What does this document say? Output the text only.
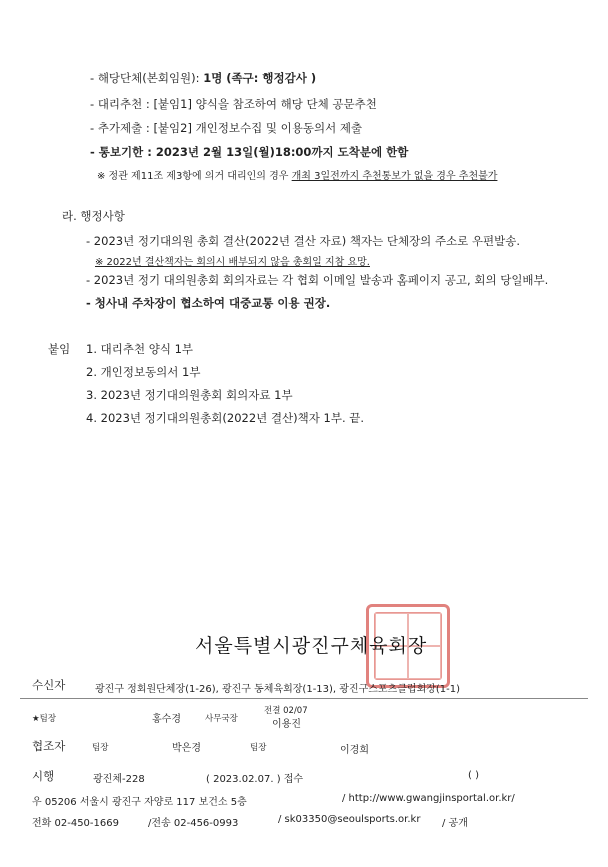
- 해당단체(본회임원): 1명 (족구: 행정감사 )
- 대리추천 : [붙임1] 양식을 참조하여 해당 단체 공문추천
- 추가제출 : [붙임2] 개인정보수집 및 이용동의서 제출
- 통보기한 : 2023년 2월 13일(월)18:00까지 도착분에 한함
※ 정관 제11조 제3항에 의거 대리인의 경우 개최 3일전까지 추천통보가 없을 경우 추천불가
라. 행정사항
- 2023년 정기대의원 총회 결산(2022년 결산 자료) 책자는 단체장의 주소로 우편발송.
※ 2022년 결산책자는 회의시 배부되지 않음 총회일 지참 요망.
- 2023년 정기 대의원총회 회의자료는 각 협회 이메일 발송과 홈페이지 공고, 회의 당일배부.
- 청사내 주차장이 협소하여 대중교통 이용 권장.
붙임 1. 대리추천 양식 1부
2. 개인정보동의서 1부
3. 2023년 정기대의원총회 회의자료 1부
4. 2023년 정기대의원총회(2022년 결산)책자 1부. 끝.
서울특별시광진구체육회장
수신자	광진구 정회원단체장(1-26), 광진구 동체육회장(1-13), 광진구스포츠클럽회장(1-1)
★팀장	홍수경	사무국장
전결 02/07
이용진
협조자	팀장	박은경	팀장	이경희
시행	광진체-228	( 2023.02.07. ) 접수	( )
우 05206 서울시 광진구 자양로 117 보건소 5층	/ http://www.gwangjinsportal.or.kr/
전화 02-450-1669	/전송 02-456-0993	/ sk03350@seoulsports.or.kr / 공개
